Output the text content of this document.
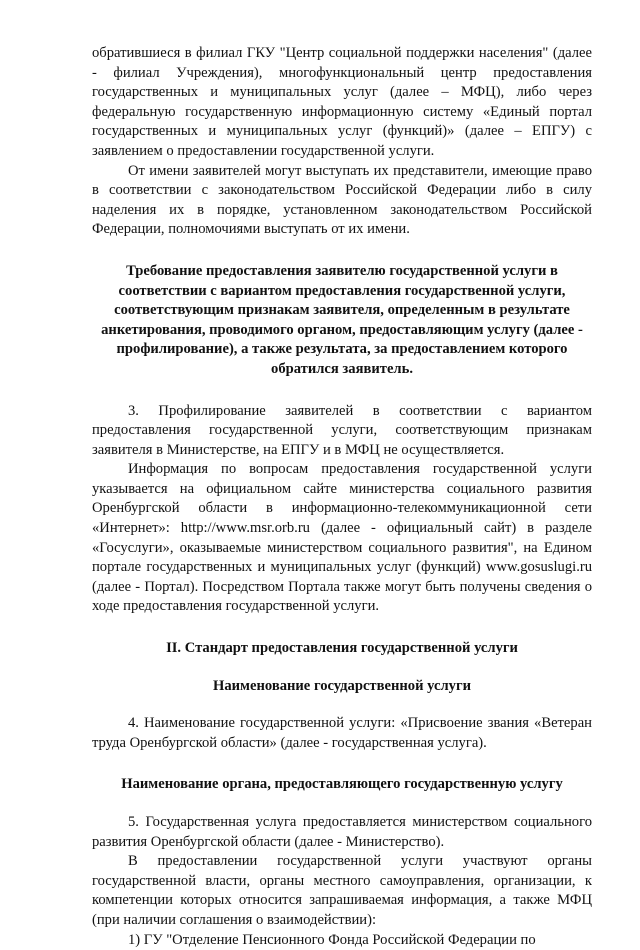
обратившиеся в филиал ГКУ "Центр социальной поддержки населения" (далее - филиал Учреждения), многофункциональный центр предоставления государственных и муниципальных услуг (далее – МФЦ), либо через федеральную государственную информационную систему «Единый портал государственных и муниципальных услуг (функций)» (далее – ЕПГУ) с заявлением о предоставлении государственной услуги.

От имени заявителей могут выступать их представители, имеющие право в соответствии с законодательством Российской Федерации либо в силу наделения их в порядке, установленном законодательством Российской Федерации, полномочиями выступать от их имени.

Требование предоставления заявителю государственной услуги в соответствии с вариантом предоставления государственной услуги, соответствующим признакам заявителя, определенным в результате анкетирования, проводимого органом, предоставляющим услугу (далее - профилирование), а также результата, за предоставлением которого обратился заявитель.

3. Профилирование заявителей в соответствии с вариантом предоставления государственной услуги, соответствующим признакам заявителя в Министерстве, на ЕПГУ и в МФЦ не осуществляется.

Информация по вопросам предоставления государственной услуги указывается на официальном сайте министерства социального развития Оренбургской области в информационно-телекоммуникационной сети «Интернет»: http://www.msr.orb.ru (далее - официальный сайт) в разделе «Госуслуги», оказываемые министерством социального развития", на Едином портале государственных и муниципальных услуг (функций) www.gosuslugi.ru (далее - Портал). Посредством Портала также могут быть получены сведения о ходе предоставления государственной услуги.

II. Стандарт предоставления государственной услуги

Наименование государственной услуги

4. Наименование государственной услуги: «Присвоение звания «Ветеран труда Оренбургской области» (далее - государственная услуга).

Наименование органа, предоставляющего государственную услугу

5. Государственная услуга предоставляется министерством социального развития Оренбургской области (далее - Министерство).

В предоставлении государственной услуги участвуют органы государственной власти, органы местного самоуправления, организации, к компетенции которых относится запрашиваемая информация, а также МФЦ (при наличии соглашения о взаимодействии):

1) ГУ "Отделение Пенсионного Фонда Российской Федерации по
